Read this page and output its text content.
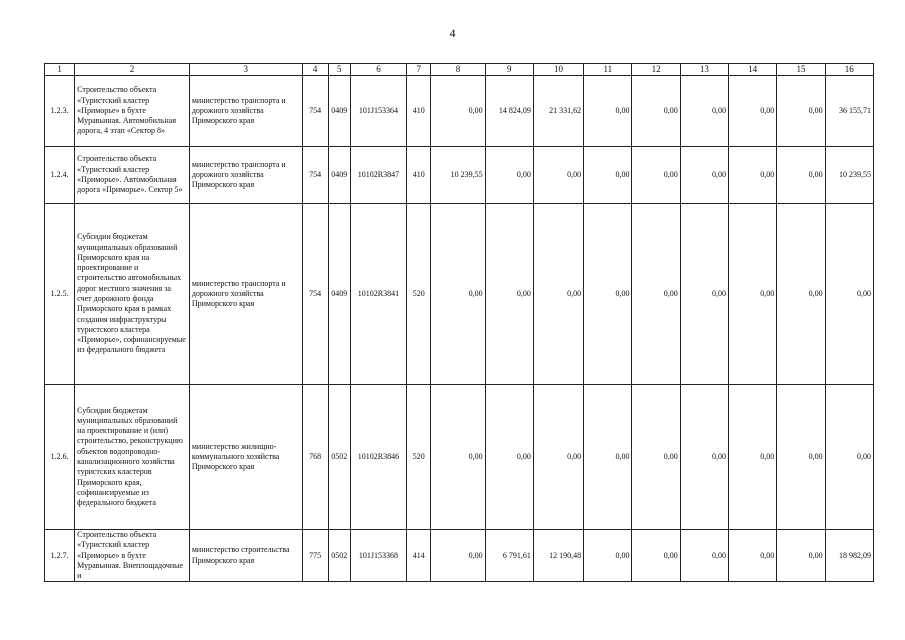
4
1	2	3	4	5	6	7	8	9	10	11	12	13	14	15	16
1.2.3.	Строительство объекта «Туристский кластер «Приморье» в бухте Муравьиная. Автомобильная дорога, 4 этап «Сектор 8»	министерство транспорта и дорожного хозяйства Приморского края	754	0409	101J153364	410	0,00	14 824,09	21 331,62	0,00	0,00	0,00	0,00	0,00	36 155,71
1.2.4.	Строительство объекта «Туристский кластер «Приморье». Автомобильная дорога «Приморье». Сектор 5»	министерство транспорта и дорожного хозяйства Приморского края	754	0409	10102R3847	410	10 239,55	0,00	0,00	0,00	0,00	0,00	0,00	0,00	10 239,55
1.2.5.	Субсидии бюджетам муниципальных образований Приморского края на проектирование и строительство автомобильных дорог местного значения за счет дорожного фонда Приморского края в рамках создания инфраструктуры туристского кластера «Приморье», софинансируемые из федерального бюджета	министерство транспорта и дорожного хозяйства Приморского края	754	0409	10102R3841	520	0,00	0,00	0,00	0,00	0,00	0,00	0,00	0,00	0,00
1.2.6.	Субсидии бюджетам муниципальных образований на проектирование и (или) строительство, реконструкцию объектов водопроводно-канализационного хозяйства туристских кластеров Приморского края, софинансируемые из федерального бюджета	министерство жилищно-коммунального хозяйства Приморского края	768	0502	10102R3846	520	0,00	0,00	0,00	0,00	0,00	0,00	0,00	0,00	0,00
1.2.7.	Строительство объекта «Туристский кластер «Приморье» в бухте Муравьиная. Внеплощадочные и	министерство строительства Приморского края	775	0502	101J153368	414	0,00	6 791,61	12 190,48	0,00	0,00	0,00	0,00	0,00	18 982,09
